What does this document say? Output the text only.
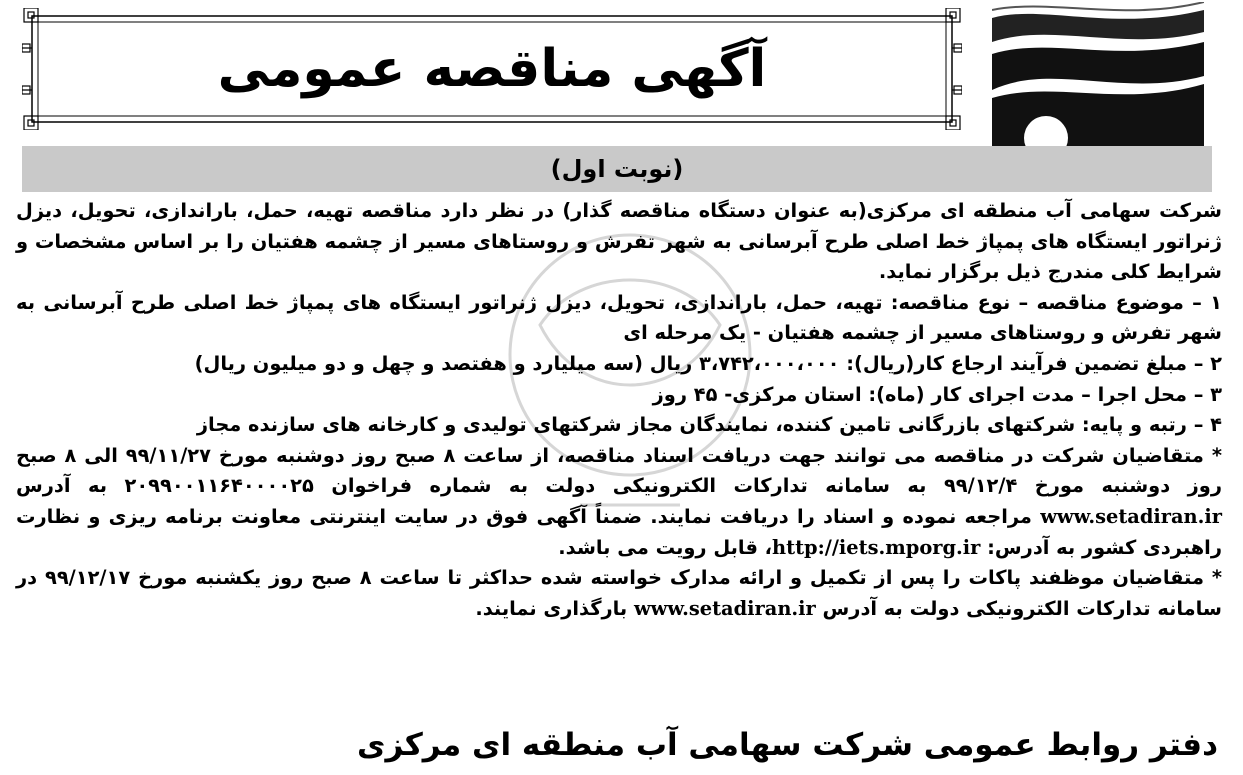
آگهی مناقصه عمومی
(نوبت اول)

شرکت سهامی آب منطقه ای مرکزی(به عنوان دستگاه مناقصه گذار) در نظر دارد مناقصه تهیه، حمل، باراندازی، تحویل، دیزل ژنراتور ایستگاه های پمپاژ خط اصلی طرح آبرسانی به شهر تفرش و روستاهای مسیر از چشمه هفتیان را بر اساس مشخصات و شرایط کلی مندرج ذیل برگزار نماید.

۱ – موضوع مناقصه – نوع مناقصه: تهیه، حمل، باراندازی، تحویل، دیزل ژنراتور ایستگاه های پمپاژ خط اصلی طرح آبرسانی به شهر تفرش و روستاهای مسیر از چشمه هفتیان - یک مرحله ای

۲ – مبلغ تضمین فرآیند ارجاع کار(ریال): ۳،۷۴۲،۰۰۰،۰۰۰ ریال (سه میلیارد و هفتصد و چهل و دو میلیون ریال)

۳ – محل اجرا – مدت اجرای کار (ماه): استان مرکزی- ۴۵ روز

۴ – رتبه و پایه: شرکتهای بازرگانی تامین کننده، نمایندگان مجاز شرکتهای تولیدی و کارخانه های سازنده مجاز

* متقاضیان شرکت در مناقصه می توانند جهت دریافت اسناد مناقصه، از ساعت ۸ صبح روز دوشنبه مورخ ۹۹/۱۱/۲۷ الی ۸ صبح روز دوشنبه مورخ ۹۹/۱۲/۴ به سامانه تدارکات الکترونیکی دولت به شماره فراخوان ۲۰۹۹۰۰۱۱۶۴۰۰۰۰۲۵ به آدرس www.setadiran.ir مراجعه نموده و اسناد را دریافت نمایند. ضمناً آگهی فوق در سایت اینترنتی معاونت برنامه ریزی و نظارت راهبردی کشور به آدرس: http://iets.mporg.ir، قابل رویت می باشد.

* متقاضیان موظفند پاکات را پس از تکمیل و ارائه مدارک خواسته شده حداکثر تا ساعت ۸ صبح روز یکشنبه مورخ ۹۹/۱۲/۱۷ در سامانه تدارکات الکترونیکی دولت به آدرس www.setadiran.ir بارگذاری نمایند.

دفتر روابط عمومی شرکت سهامی آب منطقه ای مرکزی
